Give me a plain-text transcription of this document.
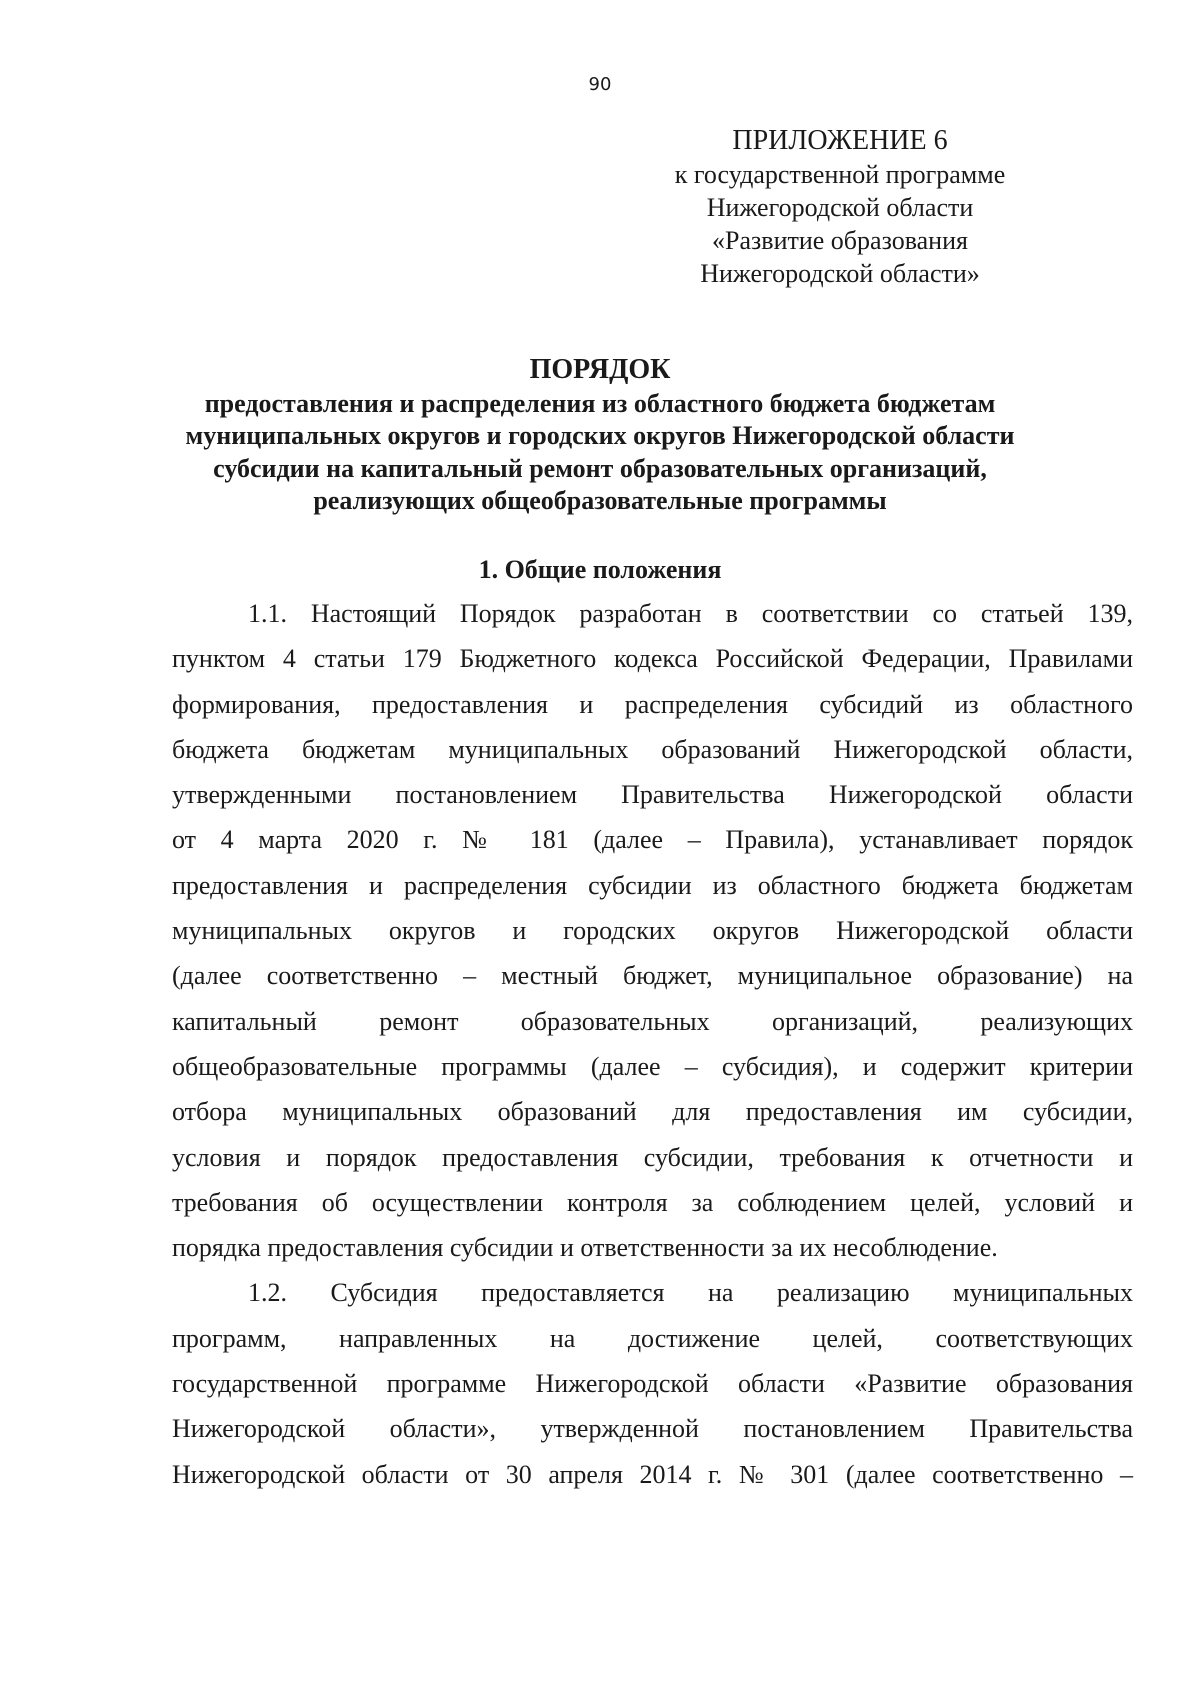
90
ПРИЛОЖЕНИЕ 6
к государственной программе
Нижегородской области
«Развитие образования
Нижегородской области»
ПОРЯДОК
предоставления и распределения из областного бюджета бюджетам
муниципальных округов и городских округов Нижегородской области
субсидии на капитальный ремонт образовательных организаций,
реализующих общеобразовательные программы
1. Общие положения
1.1. Настоящий Порядок разработан в соответствии со статьей 139,
пунктом 4 статьи 179 Бюджетного кодекса Российской Федерации, Правилами
формирования, предоставления и распределения субсидий из областного
бюджета бюджетам муниципальных образований Нижегородской области,
утвержденными постановлением Правительства Нижегородской области
от 4 марта 2020 г. № 181 (далее – Правила), устанавливает порядок
предоставления и распределения субсидии из областного бюджета бюджетам
муниципальных округов и городских округов Нижегородской области
(далее соответственно – местный бюджет, муниципальное образование) на
капитальный ремонт образовательных организаций, реализующих
общеобразовательные программы (далее – субсидия), и содержит критерии
отбора муниципальных образований для предоставления им субсидии,
условия и порядок предоставления субсидии, требования к отчетности и
требования об осуществлении контроля за соблюдением целей, условий и
порядка предоставления субсидии и ответственности за их несоблюдение.
1.2. Субсидия предоставляется на реализацию муниципальных
программ, направленных на достижение целей, соответствующих
государственной программе Нижегородской области «Развитие образования
Нижегородской области», утвержденной постановлением Правительства
Нижегородской области от 30 апреля 2014 г. № 301 (далее соответственно –
